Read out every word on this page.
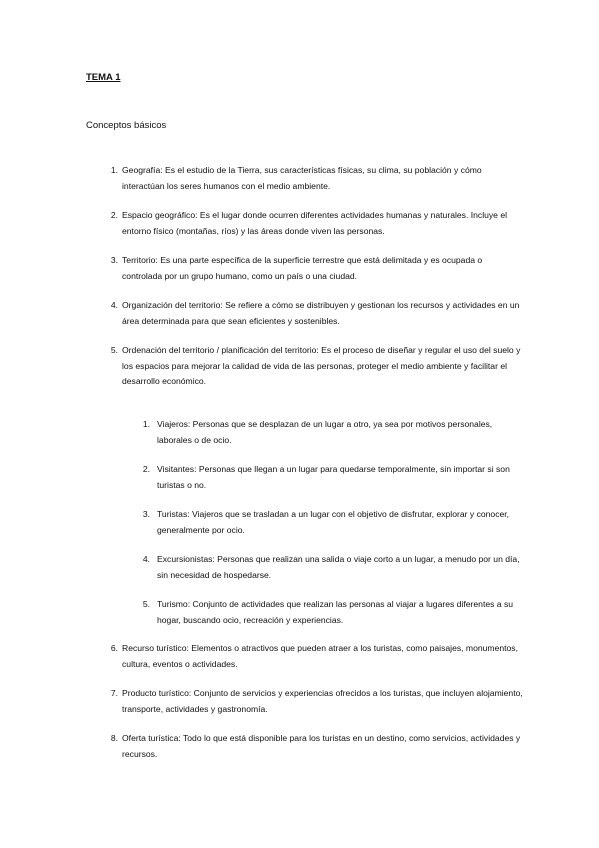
TEMA 1
Conceptos básicos
1. Geografía: Es el estudio de la Tierra, sus características físicas, su clima, su población y cómo interactúan los seres humanos con el medio ambiente.
2. Espacio geográfico: Es el lugar donde ocurren diferentes actividades humanas y naturales. Incluye el entorno físico (montañas, ríos) y las áreas donde viven las personas.
3. Territorio: Es una parte específica de la superficie terrestre que está delimitada y es ocupada o controlada por un grupo humano, como un país o una ciudad.
4. Organización del territorio: Se refiere a cómo se distribuyen y gestionan los recursos y actividades en un área determinada para que sean eficientes y sostenibles.
5. Ordenación del territorio / planificación del territorio: Es el proceso de diseñar y regular el uso del suelo y los espacios para mejorar la calidad de vida de las personas, proteger el medio ambiente y facilitar el desarrollo económico.
1. Viajeros: Personas que se desplazan de un lugar a otro, ya sea por motivos personales, laborales o de ocio.
2. Visitantes: Personas que llegan a un lugar para quedarse temporalmente, sin importar si son turistas o no.
3. Turistas: Viajeros que se trasladan a un lugar con el objetivo de disfrutar, explorar y conocer, generalmente por ocio.
4. Excursionistas: Personas que realizan una salida o viaje corto a un lugar, a menudo por un día, sin necesidad de hospedarse.
5. Turismo: Conjunto de actividades que realizan las personas al viajar a lugares diferentes a su hogar, buscando ocio, recreación y experiencias.
6. Recurso turístico: Elementos o atractivos que pueden atraer a los turistas, como paisajes, monumentos, cultura, eventos o actividades.
7. Producto turístico: Conjunto de servicios y experiencias ofrecidos a los turistas, que incluyen alojamiento, transporte, actividades y gastronomía.
8. Oferta turística: Todo lo que está disponible para los turistas en un destino, como servicios, actividades y recursos.
